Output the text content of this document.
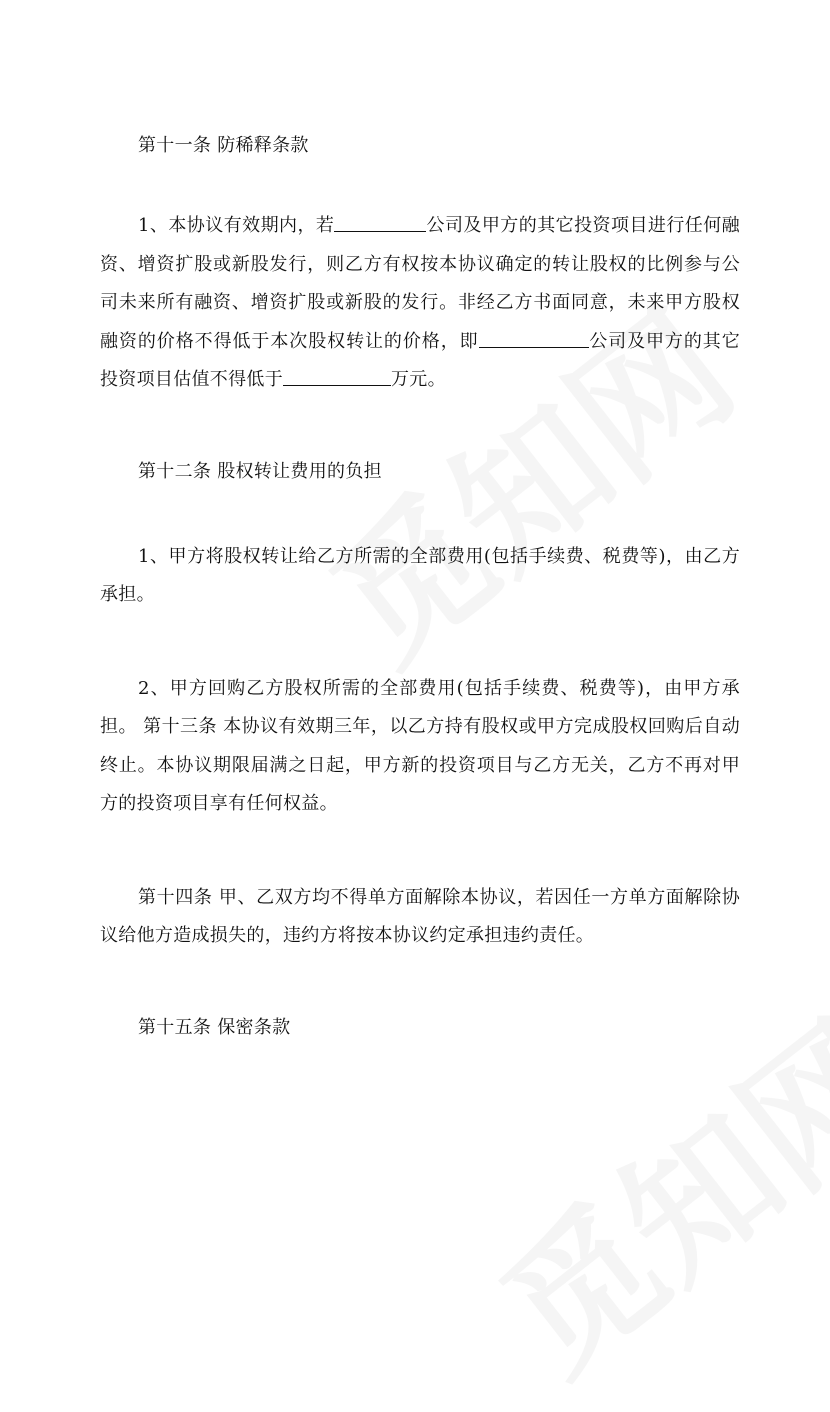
第十一条 防稀释条款

1、本协议有效期内，若	公司及甲方的其它投资项目进行任何融资、增资扩股或新股发行，则乙方有权按本协议确定的转让股权的比例参与公司未来所有融资、增资扩股或新股的发行。非经乙方书面同意，未来甲方股权融资的价格不得低于本次股权转让的价格，即	公司及甲方的其它投资项目估值不得低于	万元。

第十二条 股权转让费用的负担

1、甲方将股权转让给乙方所需的全部费用(包括手续费、税费等)，由乙方承担。

2、甲方回购乙方股权所需的全部费用(包括手续费、税费等)，由甲方承担。 第十三条 本协议有效期三年，以乙方持有股权或甲方完成股权回购后自动终止。本协议期限届满之日起，甲方新的投资项目与乙方无关，乙方不再对甲方的投资项目享有任何权益。

第十四条 甲、乙双方均不得单方面解除本协议，若因任一方单方面解除协议给他方造成损失的，违约方将按本协议约定承担违约责任。

第十五条 保密条款
